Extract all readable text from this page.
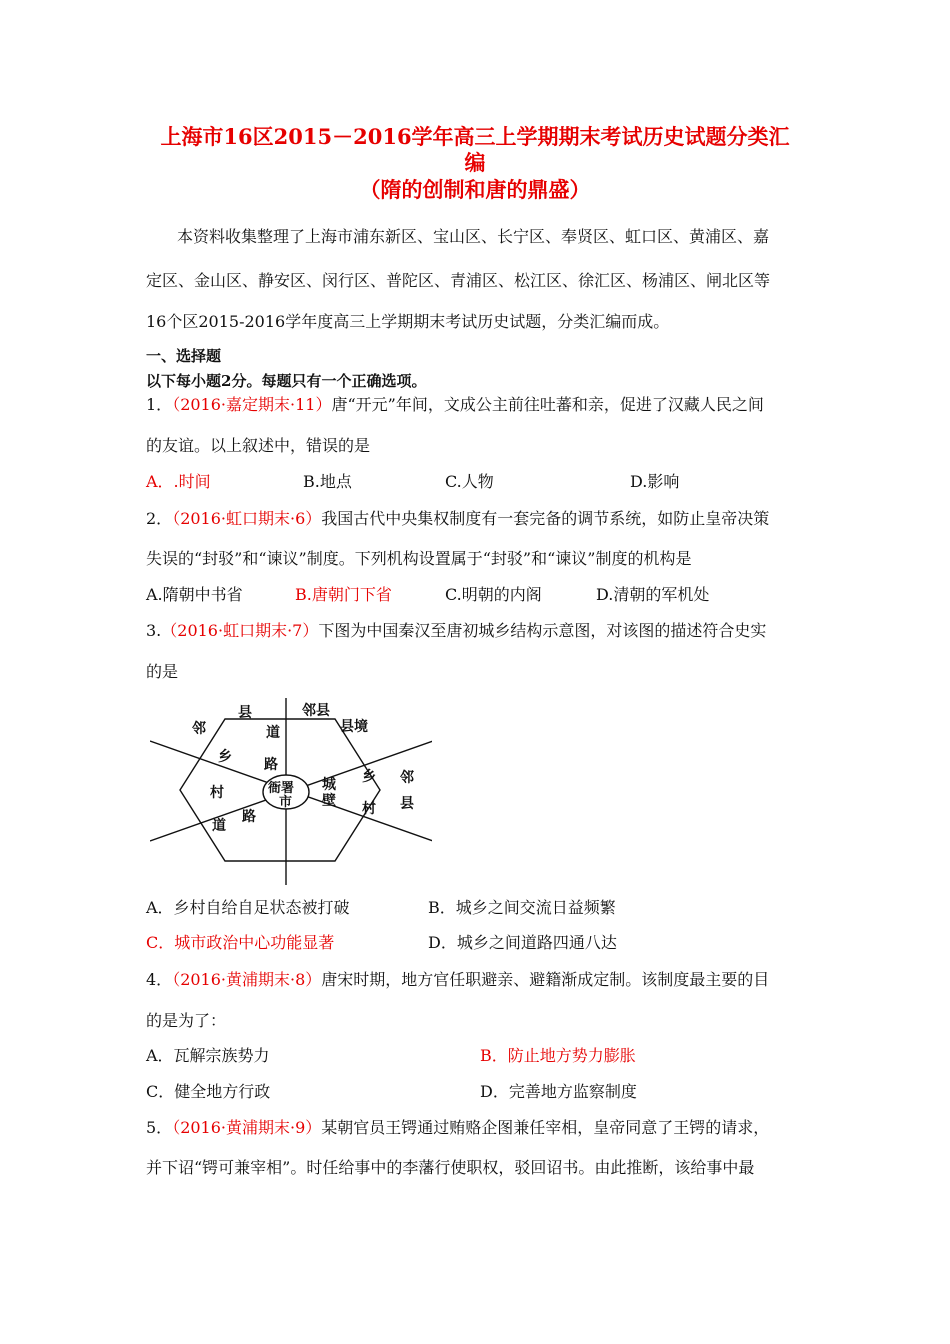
上海市16区2015－2016学年高三上学期期末考试历史试题分类汇
编
（隋的创制和唐的鼎盛）
本资料收集整理了上海市浦东新区、宝山区、长宁区、奉贤区、虹口区、黄浦区、嘉
定区、金山区、静安区、闵行区、普陀区、青浦区、松江区、徐汇区、杨浦区、闸北区等
16个区2015-2016学年度高三上学期期末考试历史试题，分类汇编而成。
一、选择题
以下每小题2分。每题只有一个正确选项。
1．（2016·嘉定期末·11）唐“开元”年间，文成公主前往吐蕃和亲，促进了汉藏人民之间
的友谊。以上叙述中，错误的是
A．.时间	B.地点	C.人物	D.影响
2．（2016·虹口期末·6）我国古代中央集权制度有一套完备的调节系统，如防止皇帝决策
失误的“封驳”和“谏议”制度。下列机构设置属于“封驳”和“谏议”制度的机构是
A.隋朝中书省	B.唐朝门下省	C.明朝的内阁	D.清朝的军机处
3.（2016·虹口期末·7）下图为中国秦汉至唐初城乡结构示意图，对该图的描述符合史实
的是
邻
县	邻县
县境
乡
道
路
衙署
市
城
壁
乡
村
邻
县
村
路
道
A．乡村自给自足状态被打破	B．城乡之间交流日益频繁
C．城市政治中心功能显著	D．城乡之间道路四通八达
4．（2016·黄浦期末·8）唐宋时期，地方官任职避亲、避籍渐成定制。该制度最主要的目
的是为了：
A．瓦解宗族势力	B．防止地方势力膨胀
C．健全地方行政	D．完善地方监察制度
5．（2016·黄浦期末·9）某朝官员王锷通过贿赂企图兼任宰相，皇帝同意了王锷的请求，
并下诏“锷可兼宰相”。时任给事中的李藩行使职权，驳回诏书。由此推断，该给事中最
